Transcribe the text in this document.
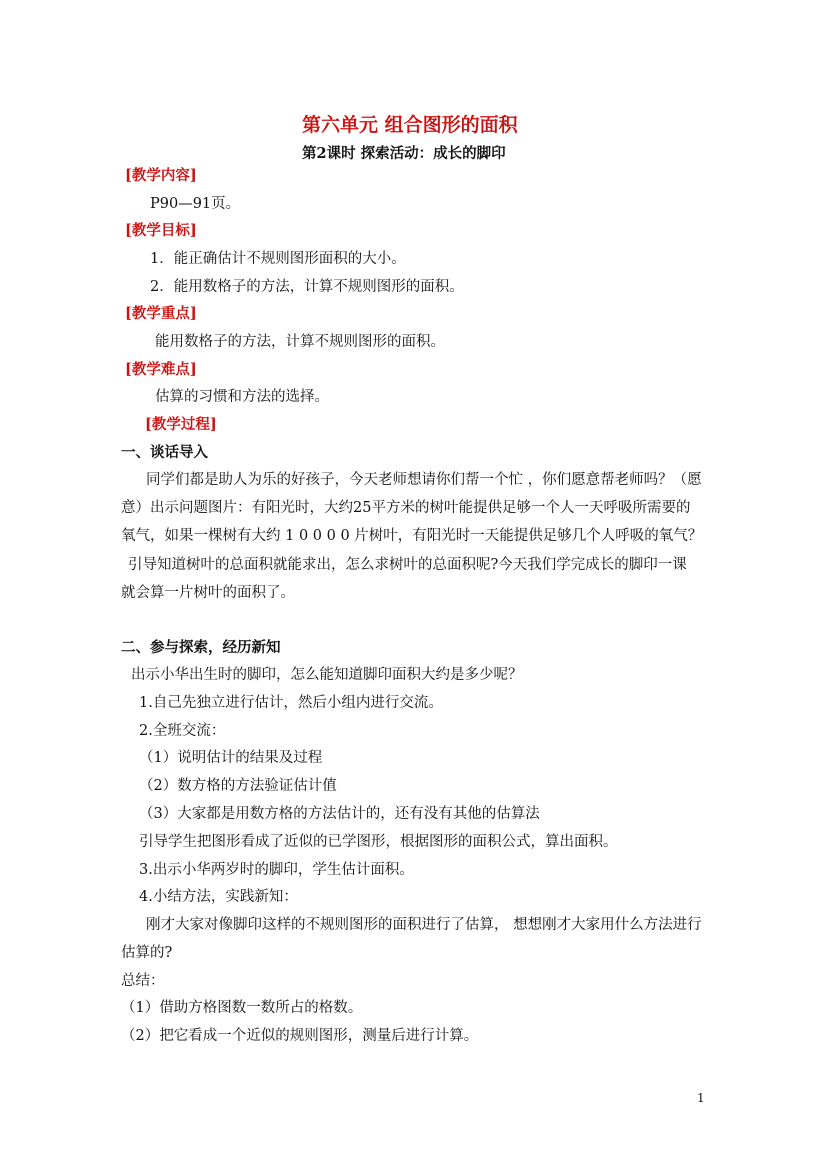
第六单元 组合图形的面积
第2课时 探索活动：成长的脚印
[教学内容]
P90—91页。
[教学目标]
1．能正确估计不规则图形面积的大小。
2．能用数格子的方法，计算不规则图形的面积。
[教学重点]
能用数格子的方法，计算不规则图形的面积。
[教学难点]
估算的习惯和方法的选择。
[教学过程]
一、谈话导入
同学们都是助人为乐的好孩子，今天老师想请你们帮一个忙 ，你们愿意帮老师吗？（愿
意）出示问题图片：有阳光时，大约25平方米的树叶能提供足够一个人一天呼吸所需要的
氧气，如果一棵树有大约 1 0 0 0 0 片树叶，有阳光时一天能提供足够几个人呼吸的氧气？
引导知道树叶的总面积就能求出，怎么求树叶的总面积呢?今天我们学完成长的脚印一课
就会算一片树叶的面积了。
二、参与探索，经历新知
出示小华出生时的脚印，怎么能知道脚印面积大约是多少呢？
1.自己先独立进行估计，然后小组内进行交流。
2.全班交流：
（1）说明估计的结果及过程
（2）数方格的方法验证估计值
（3）大家都是用数方格的方法估计的，还有没有其他的估算法
引导学生把图形看成了近似的已学图形，根据图形的面积公式，算出面积。
3.出示小华两岁时的脚印，学生估计面积。
4.小结方法，实践新知：
刚才大家对像脚印这样的不规则图形的面积进行了估算， 想想刚才大家用什么方法进行
估算的?
总结：
（1）借助方格图数一数所占的格数。
（2）把它看成一个近似的规则图形，测量后进行计算。
1
